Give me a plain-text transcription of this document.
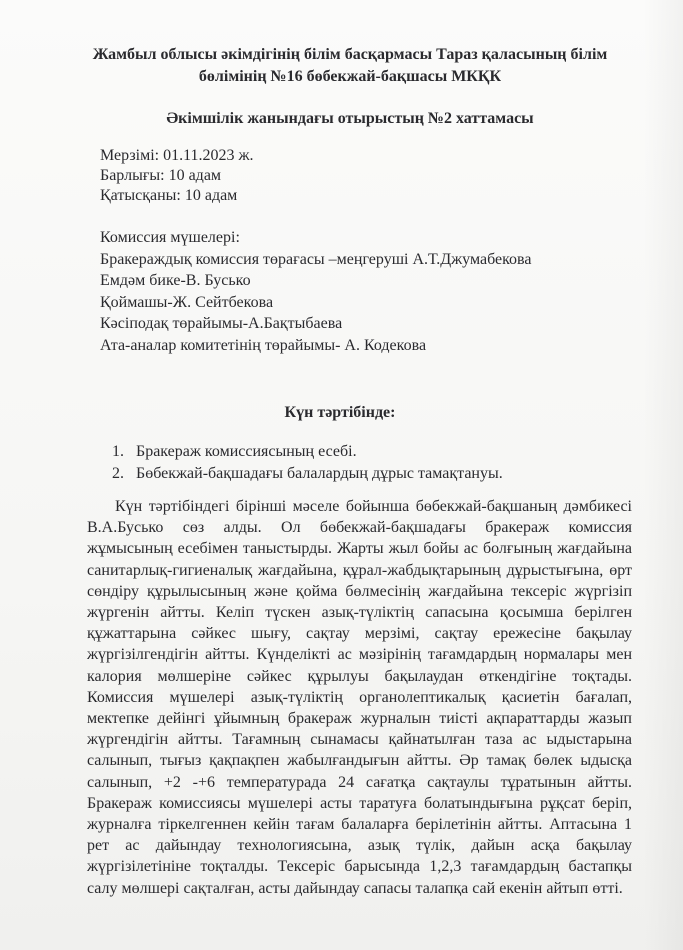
Жамбыл облысы әкімдігінің білім басқармасы Тараз қаласының білім
бөлімінің №16 бөбекжай-бақшасы МКҚК
Әкімшілік жанындағы отырыстың №2 хаттамасы
Мерзімі: 01.11.2023 ж.
Барлығы: 10 адам
Қатысқаны: 10 адам
Комиссия мүшелері:
Бракераждық комиссия төрағасы –меңгеруші А.Т.Джумабекова
Емдәм бике-В. Бусько
Қоймашы-Ж. Сейтбекова
Кәсіподақ төрайымы-А.Бақтыбаева
Ата-аналар комитетінің төрайымы- А. Кодекова
Күн тәртібінде:
1. Бракераж комиссиясының есебі.
2. Бөбекжай-бақшадағы балалардың дұрыс тамақтануы.
Күн тәртібіндегі бірінші мәселе бойынша бөбекжай-бақшаның дәмбикесі
В.А.Бусько сөз алды. Ол бөбекжай-бақшадағы бракераж комиссия
жұмысының есебімен таныстырды. Жарты жыл бойы ас болғының жағдайына
санитарлық-гигиеналық жағдайына, құрал-жабдықтарының дұрыстығына, өрт
сөндіру құрылысының және қойма бөлмесінің жағдайына тексеріс жүргізіп
жүргенін айтты. Келіп түскен азық-түліктің сапасына қосымша берілген
құжаттарына сәйкес шығу, сақтау мерзімі, сақтау ережесіне бақылау
жүргізілгендігін айтты. Күнделікті ас мәзірінің тағамдардың нормалары мен
калория мөлшеріне сәйкес құрылуы бақылаудан өткендігіне тоқтады.
Комиссия мүшелері азық-түліктің органолептикалық қасиетін бағалап,
мектепке дейінгі ұйымның бракераж журналын тиісті ақпараттарды жазып
жүргендігін айтты. Тағамның сынамасы қайнатылған таза ас ыдыстарына
салынып, тығыз қақпақпен жабылғандығын айтты. Әр тамақ бөлек ыдысқа
салынып, +2 -+6 температурада 24 сағатқа сақтаулы тұратынын айтты.
Бракераж комиссиясы мүшелері асты таратуға болатындығына рұқсат беріп,
журналға тіркелгеннен кейін тағам балаларға берілетінін айтты. Аптасына 1
рет ас дайындау технологиясына, азық түлік, дайын асқа бақылау
жүргізілетініне тоқталды. Тексеріс барысында 1,2,3 тағамдардың бастапқы
салу мөлшері сақталған, асты дайындау сапасы талапқа сай екенін айтып өтті.
